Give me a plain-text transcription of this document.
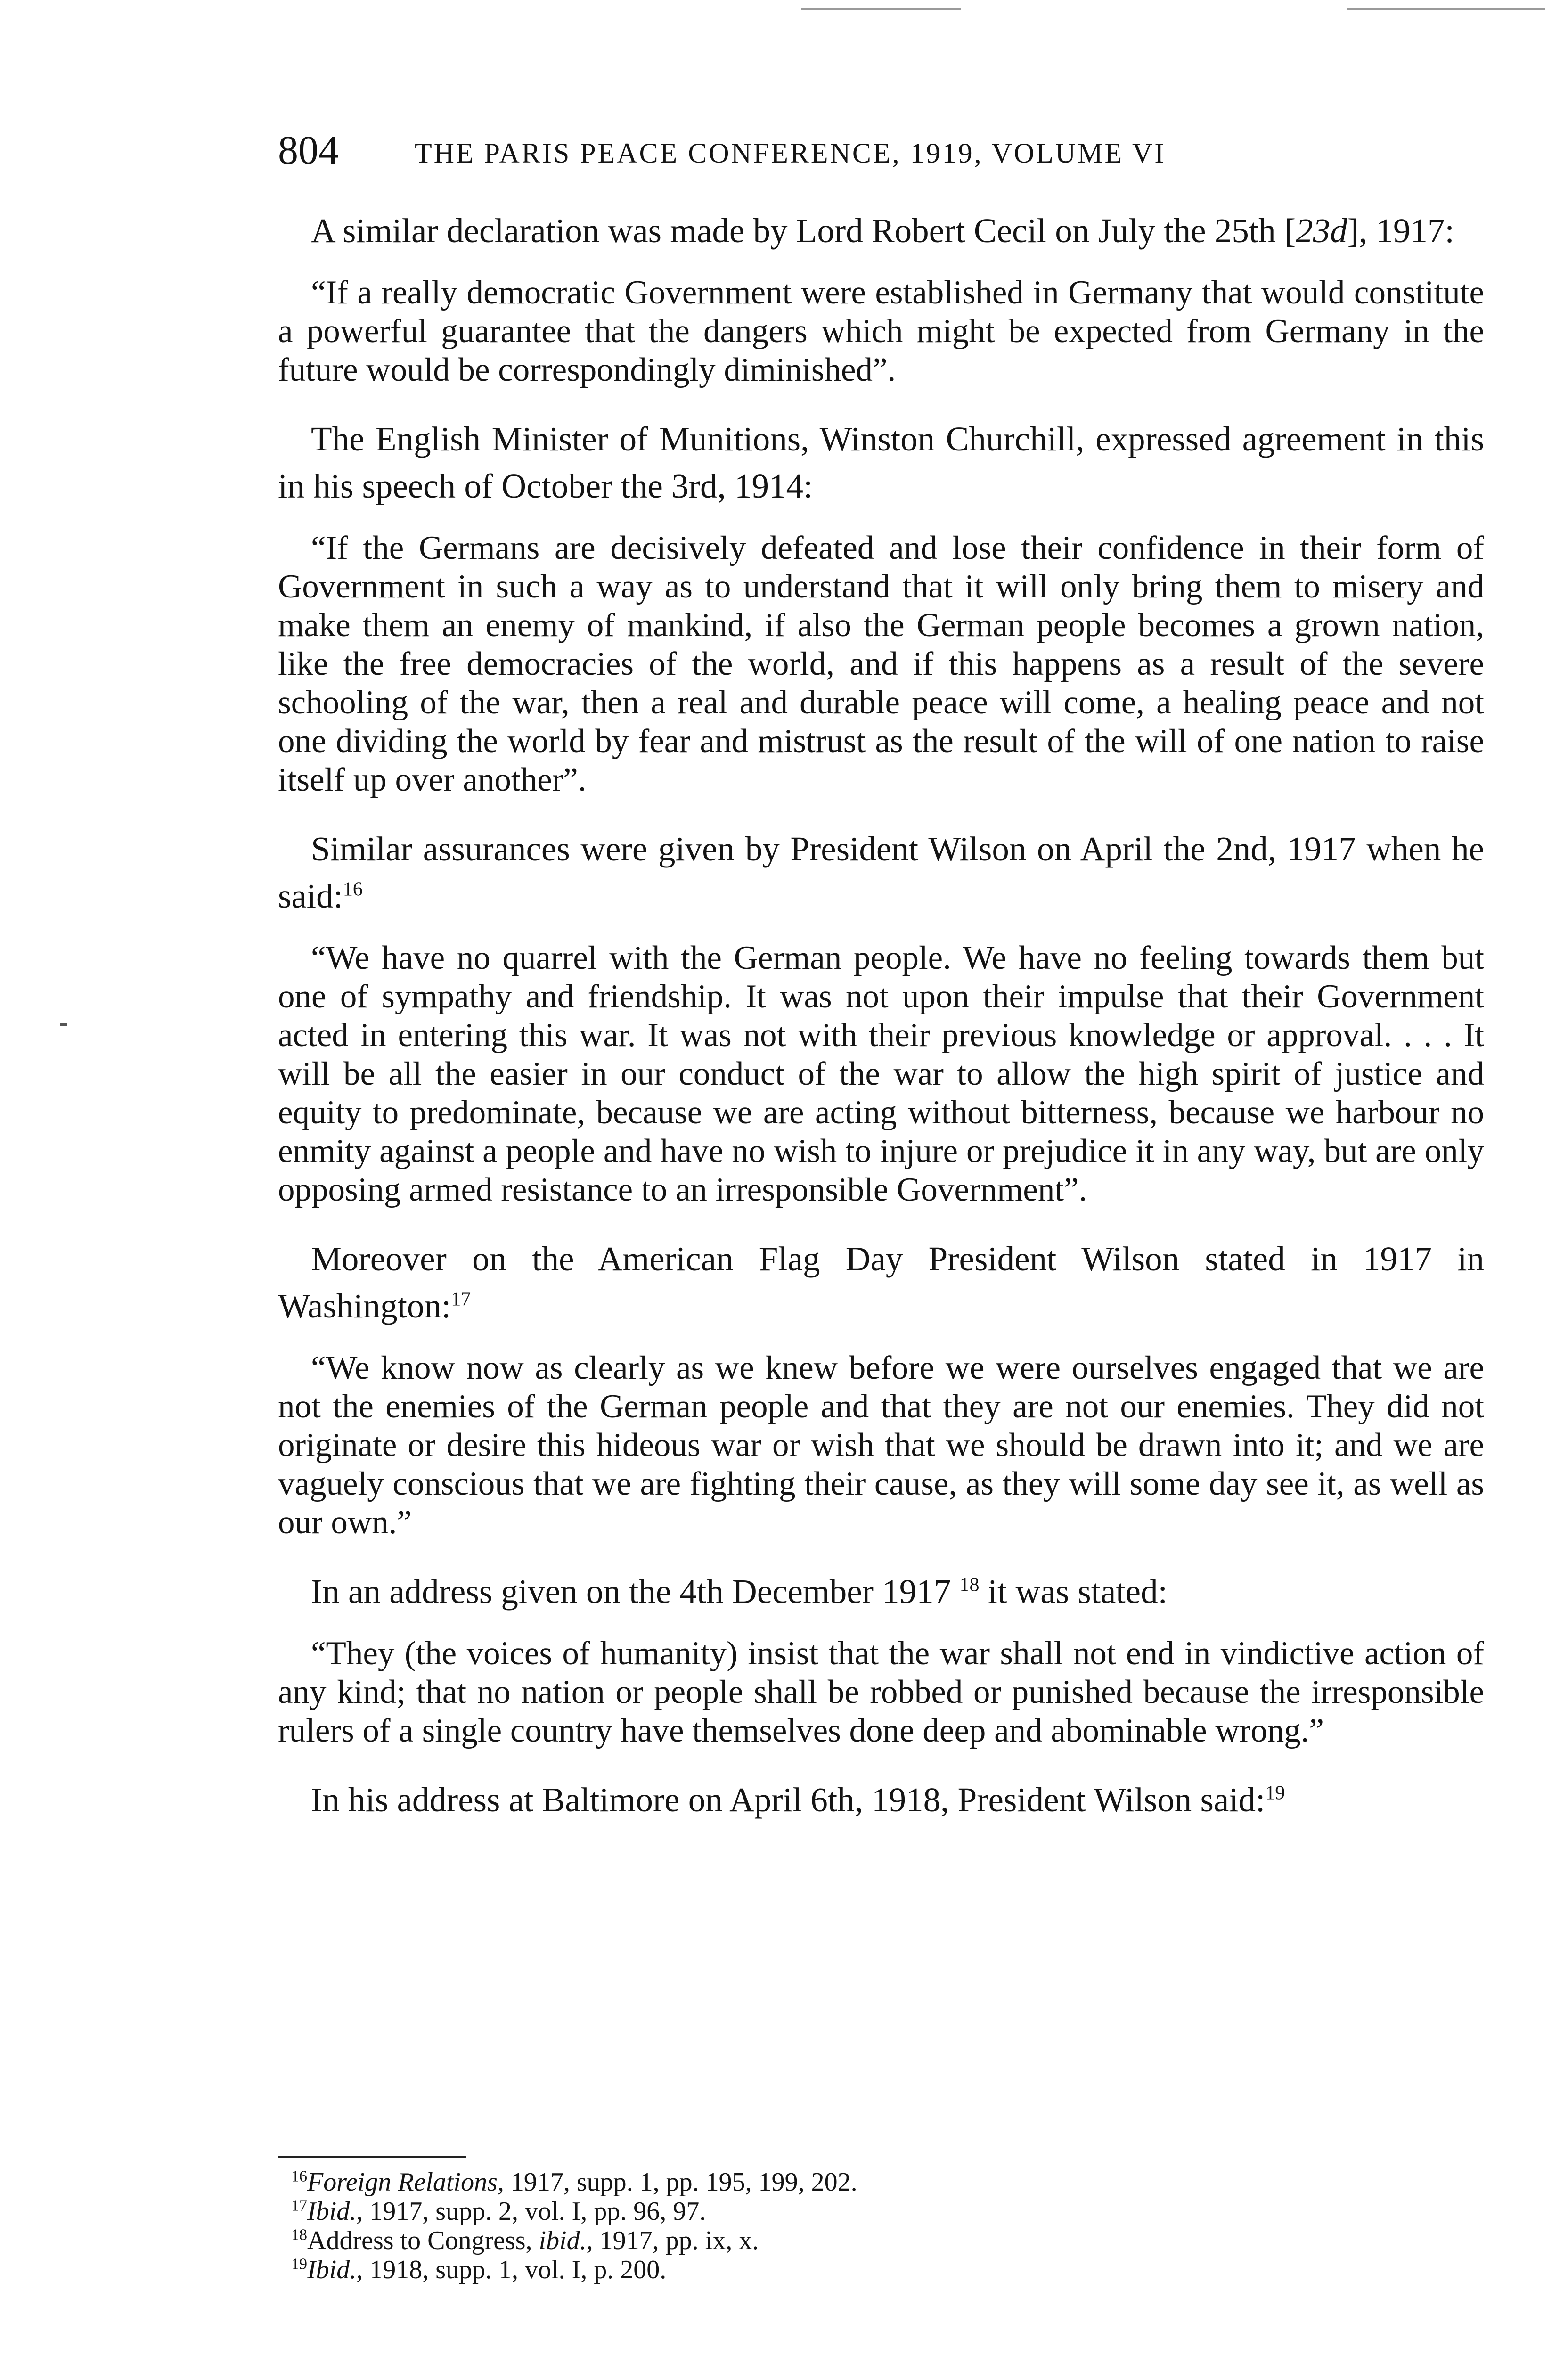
804	THE PARIS PEACE CONFERENCE, 1919, VOLUME VI

A similar declaration was made by Lord Robert Cecil on July the 25th [23d], 1917:

“If a really democratic Government were established in Germany that would constitute a powerful guarantee that the dangers which might be expected from Germany in the future would be correspondingly diminished”.

The English Minister of Munitions, Winston Churchill, expressed agreement in this in his speech of October the 3rd, 1914:

“If the Germans are decisively defeated and lose their confidence in their form of Government in such a way as to understand that it will only bring them to misery and make them an enemy of mankind, if also the German people becomes a grown nation, like the free democracies of the world, and if this happens as a result of the severe schooling of the war, then a real and durable peace will come, a healing peace and not one dividing the world by fear and mistrust as the result of the will of one nation to raise itself up over another”.

Similar assurances were given by President Wilson on April the 2nd, 1917 when he said:$^{16}$

“We have no quarrel with the German people. We have no feeling towards them but one of sympathy and friendship. It was not upon their impulse that their Government acted in entering this war. It was not with their previous knowledge or approval. . . . It will be all the easier in our conduct of the war to allow the high spirit of justice and equity to predominate, because we are acting without bitterness, because we harbour no enmity against a people and have no wish to injure or prejudice it in any way, but are only opposing armed resistance to an irresponsible Government”.

Moreover on the American Flag Day President Wilson stated in 1917 in Washington:$^{17}$

“We know now as clearly as we knew before we were ourselves engaged that we are not the enemies of the German people and that they are not our enemies. They did not originate or desire this hideous war or wish that we should be drawn into it; and we are vaguely conscious that we are fighting their cause, as they will some day see it, as well as our own.”

In an address given on the 4th December 1917 $^{18}$ it was stated:

“They (the voices of humanity) insist that the war shall not end in vindictive action of any kind; that no nation or people shall be robbed or punished because the irresponsible rulers of a single country have themselves done deep and abominable wrong.”

In his address at Baltimore on April 6th, 1918, President Wilson said:$^{19}$

$^{16}$Foreign Relations, 1917, supp. 1, pp. 195, 199, 202.

$^{17}$Ibid., 1917, supp. 2, vol. I, pp. 96, 97.

$^{18}$Address to Congress, ibid., 1917, pp. ix, x.

$^{19}$Ibid., 1918, supp. 1, vol. I, p. 200.
